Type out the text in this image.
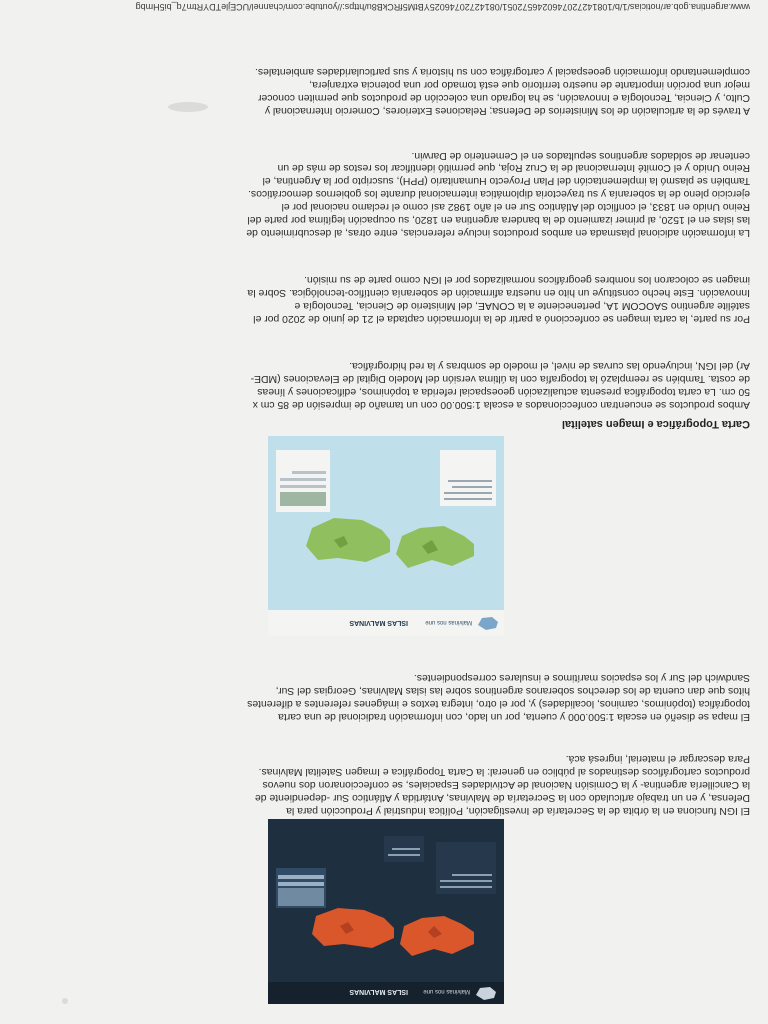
Malvinas nos une
ISLAS MALVINAS

El IGN funciona en la órbita de la Secretaría de Investigación, Política Industrial y Producción para la Defensa, y en un trabajo articulado con la Secretaría de Malvinas, Antártida y Atlántico Sur -dependiente de la Cancillería argentina- y la Comisión Nacional de Actividades Espaciales, se confeccionaron dos nuevos productos cartográficos destinados al público en general: la Carta Topográfica e Imagen Satelital Malvinas. Para descargar el material, ingresá acá.

El mapa se diseñó en escala 1:500.000 y cuenta, por un lado, con información tradicional de una carta topográfica (topónimos, caminos, localidades) y, por el otro, integra textos e imágenes referentes a diferentes hitos que dan cuenta de los derechos soberanos argentinos sobre las islas Malvinas, Georgias del Sur, Sandwich del Sur y los espacios marítimos e insulares correspondientes.

Malvinas nos une
ISLAS MALVINAS
Carta Topográfica e Imagen satelital

Ambos productos se encuentran confeccionados a escala 1:500.00 con un tamaño de impresión de 85 cm x 50 cm. La carta topográfica presenta actualización geoespacial referida a topónimos, edificaciones y líneas de costa. También se reemplazó la topografía con la última versión del Modelo Digital de Elevaciones (MDE-Ar) del IGN, incluyendo las curvas de nivel, el modelo de sombras y la red hidrográfica.

Por su parte, la carta imagen se confeccionó a partir de la información captada el 21 de junio de 2020 por el satélite argentino SAOCOM 1A, perteneciente a la CONAE, del Ministerio de Ciencia, Tecnología e Innovación. Este hecho constituye un hito en nuestra afirmación de soberanía científico-tecnológica. Sobre la imagen se colocaron los nombres geográficos normalizados por el IGN como parte de su misión.

La información adicional plasmada en ambos productos incluye referencias, entre otras, al descubrimiento de las islas en el 1520, al primer izamiento de la bandera argentina en 1820, su ocupación legítima por parte del Reino Unido en 1833, el conflicto del Atlántico Sur en el año 1982 así como el reclamo nacional por el ejercicio pleno de la soberanía y su trayectoria diplomática internacional durante los gobiernos democráticos. También se plasmó la implementación del Plan Proyecto Humanitario (PPH), suscripto por la Argentina, el Reino Unido y el Comité Internacional de la Cruz Roja, que permitió identificar los restos de más de un centenar de soldados argentinos sepultados en el Cementerio de Darwin.

A través de la articulación de los Ministerios de Defensa; Relaciones Exteriores, Comercio Internacional y Culto, y Ciencia, Tecnología e Innovación, se ha logrado una colección de productos que permiten conocer mejor una porción importante de nuestro territorio que está tomado por una potencia extranjera, complementando información geoespacial y cartográfica con su historia y sus particularidades ambientales.

www.argentina.gob.ar/noticias/1/b/1081427207460246572051/08142720746025YBtM5fRCkB8u/https://youtube.com/channel/UCEjleTDYRtm7q_bi5Hmbg
